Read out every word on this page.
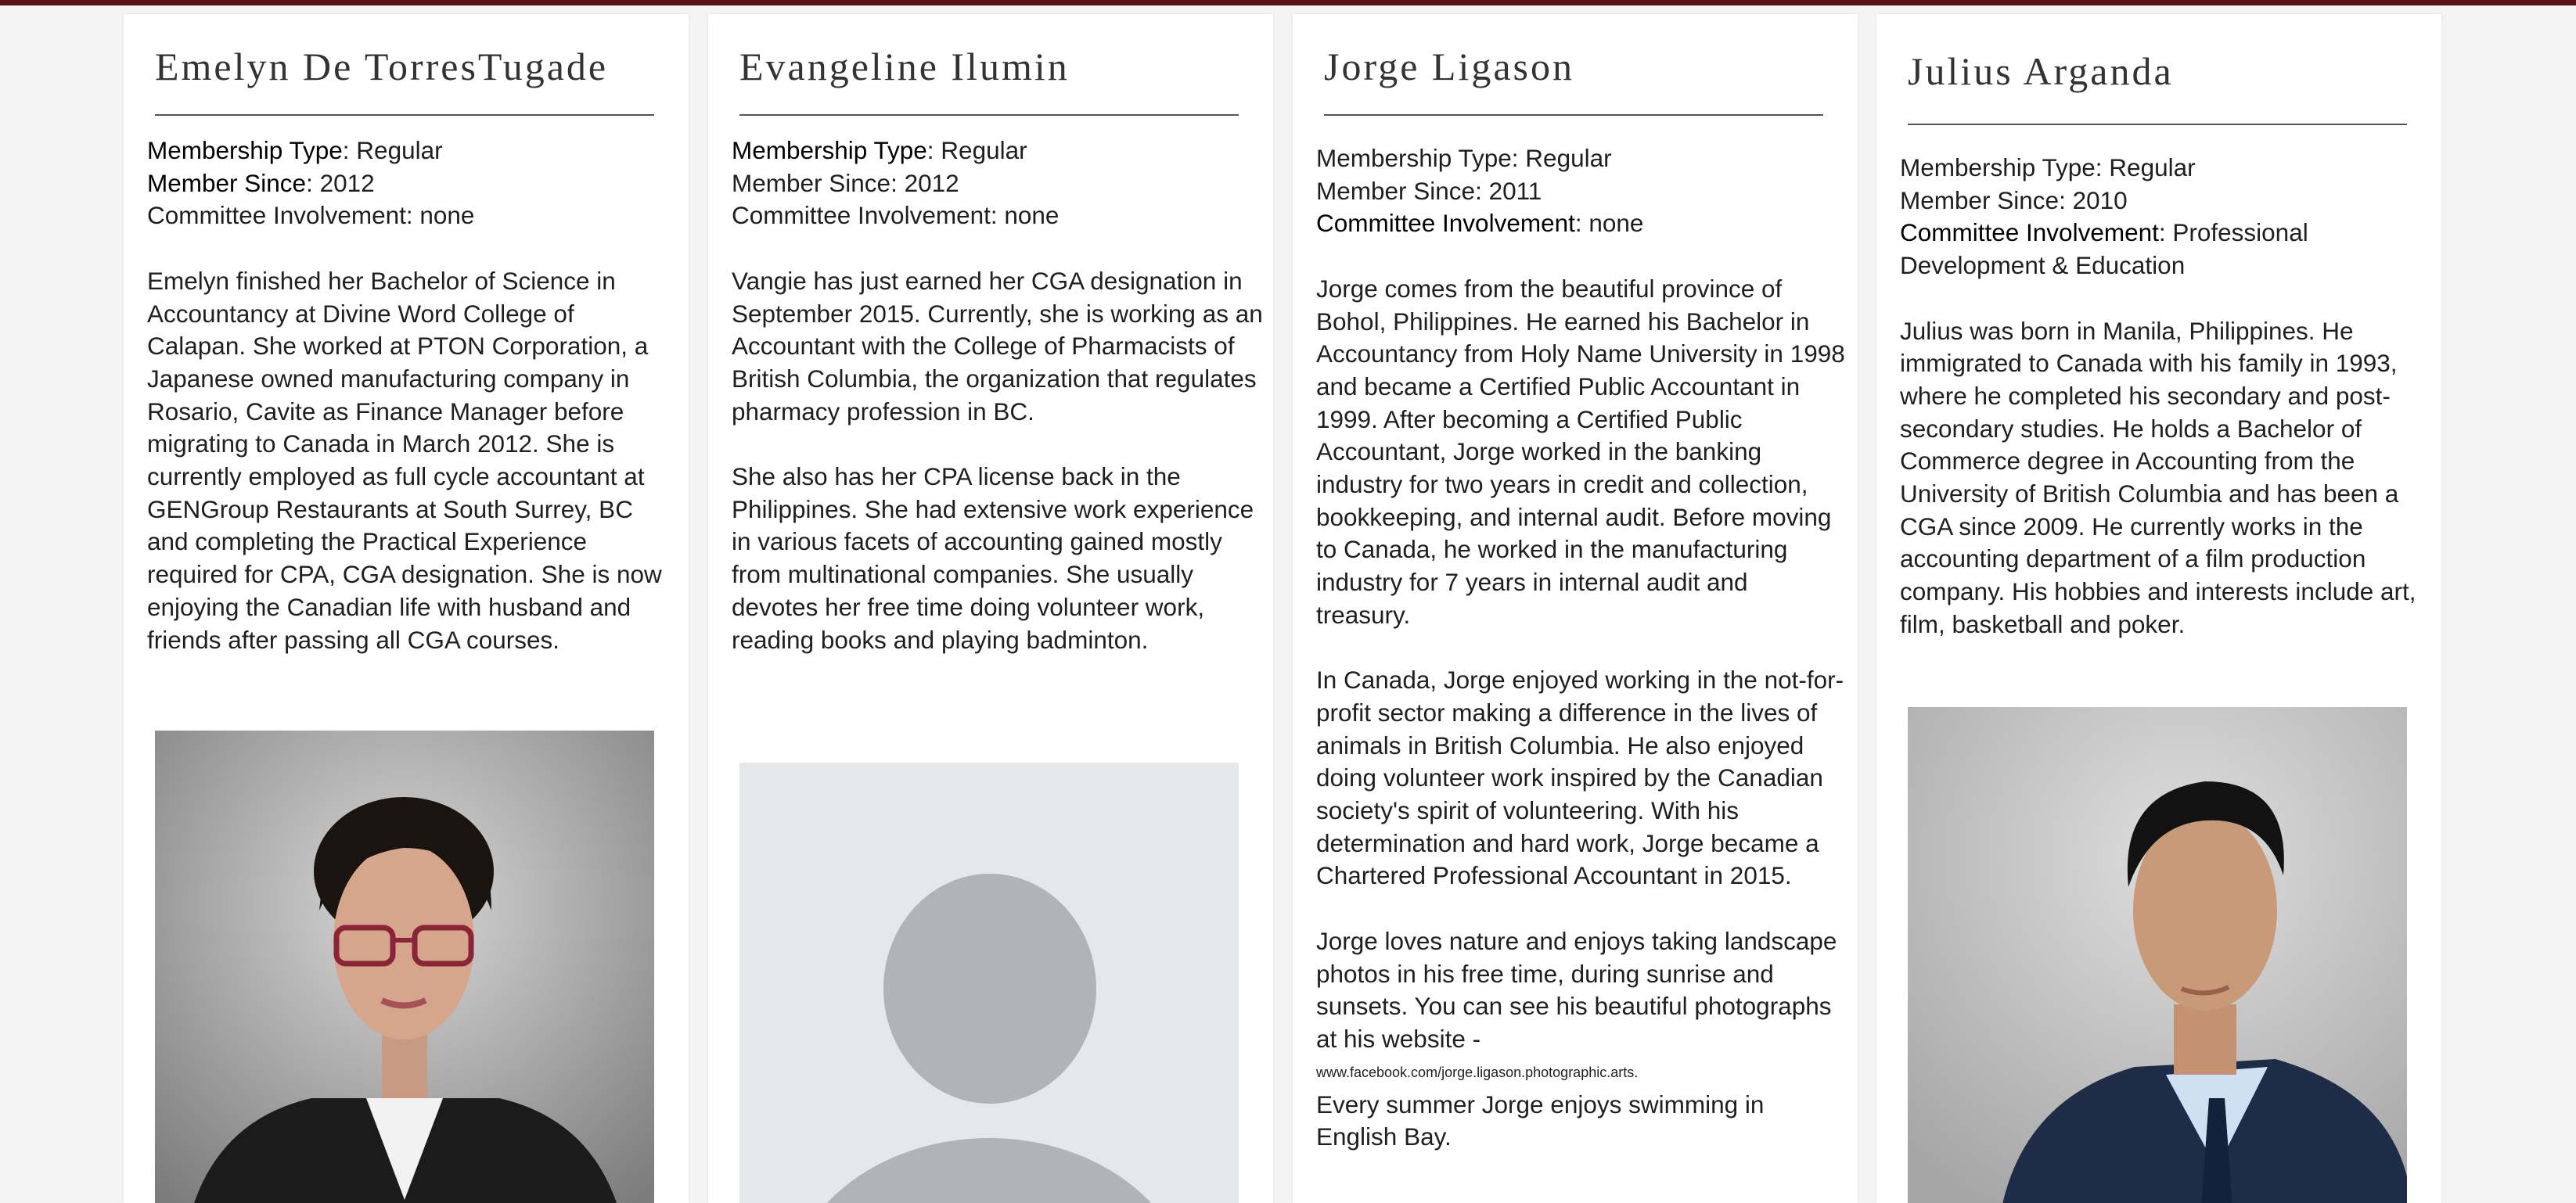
Emelyn De TorresTugade

Membership Type: Regular
Member Since: 2012
Committee Involvement: none

Emelyn finished her Bachelor of Science in Accountancy at Divine Word College of Calapan. She worked at PTON Corporation, a Japanese owned manufacturing company in Rosario, Cavite as Finance Manager before migrating to Canada in March 2012. She is currently employed as full cycle accountant at GENGroup Restaurants at South Surrey, BC and completing the Practical Experience required for CPA, CGA designation. She is now enjoying the Canadian life with husband and friends after passing all CGA courses.

Evangeline Ilumin

Membership Type: Regular
Member Since: 2012
Committee Involvement: none

Vangie has just earned her CGA designation in September 2015. Currently, she is working as an Accountant with the College of Pharmacists of British Columbia, the organization that regulates pharmacy profession in BC.

She also has her CPA license back in the Philippines. She had extensive work experience in various facets of accounting gained mostly from multinational companies. She usually devotes her free time doing volunteer work, reading books and playing badminton.

Jorge Ligason

Membership Type: Regular
Member Since: 2011
Committee Involvement: none

Jorge comes from the beautiful province of Bohol, Philippines. He earned his Bachelor in Accountancy from Holy Name University in 1998 and became a Certified Public Accountant in 1999. After becoming a Certified Public Accountant, Jorge worked in the banking industry for two years in credit and collection, bookkeeping, and internal audit. Before moving to Canada, he worked in the manufacturing industry for 7 years in internal audit and treasury.

In Canada, Jorge enjoyed working in the not-for-profit sector making a difference in the lives of animals in British Columbia. He also enjoyed doing volunteer work inspired by the Canadian society's spirit of volunteering. With his determination and hard work, Jorge became a Chartered Professional Accountant in 2015.

Jorge loves nature and enjoys taking landscape photos in his free time, during sunrise and sunsets. You can see his beautiful photographs at his website -
www.facebook.com/jorge.ligason.photographic.arts.
Every summer Jorge enjoys swimming in English Bay.

Julius Arganda

Membership Type: Regular
Member Since: 2010
Committee Involvement: Professional Development & Education

Julius was born in Manila, Philippines. He immigrated to Canada with his family in 1993, where he completed his secondary and post-secondary studies. He holds a Bachelor of Commerce degree in Accounting from the University of British Columbia and has been a CGA since 2009. He currently works in the accounting department of a film production company. His hobbies and interests include art, film, basketball and poker.
